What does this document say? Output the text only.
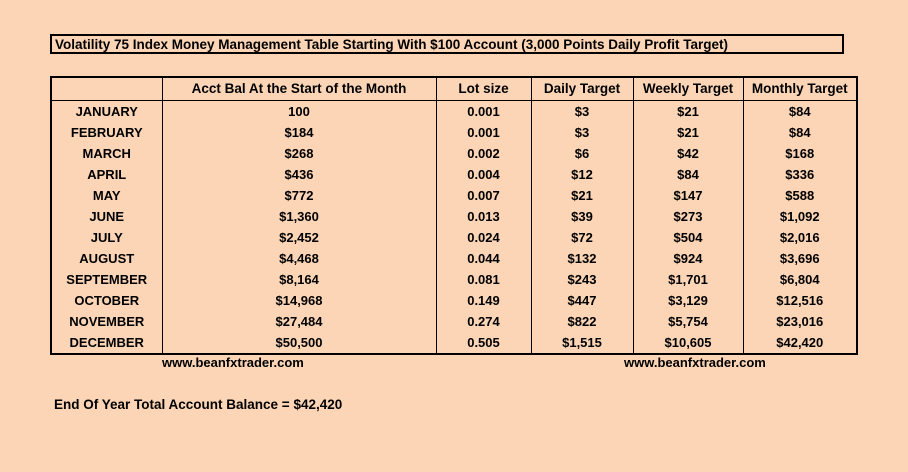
Volatility 75 Index Money Management Table Starting With $100 Account (3,000 Points Daily Profit Target)
	Acct Bal At the Start of the Month	Lot size	Daily Target	Weekly Target	Monthly Target
JANUARY	100	0.001	$3	$21	$84
FEBRUARY	$184	0.001	$3	$21	$84
MARCH	$268	0.002	$6	$42	$168
APRIL	$436	0.004	$12	$84	$336
MAY	$772	0.007	$21	$147	$588
JUNE	$1,360	0.013	$39	$273	$1,092
JULY	$2,452	0.024	$72	$504	$2,016
AUGUST	$4,468	0.044	$132	$924	$3,696
SEPTEMBER	$8,164	0.081	$243	$1,701	$6,804
OCTOBER	$14,968	0.149	$447	$3,129	$12,516
NOVEMBER	$27,484	0.274	$822	$5,754	$23,016
DECEMBER	$50,500	0.505	$1,515	$10,605	$42,420
www.beanfxtrader.com	www.beanfxtrader.com
End Of Year Total Account Balance = $42,420
